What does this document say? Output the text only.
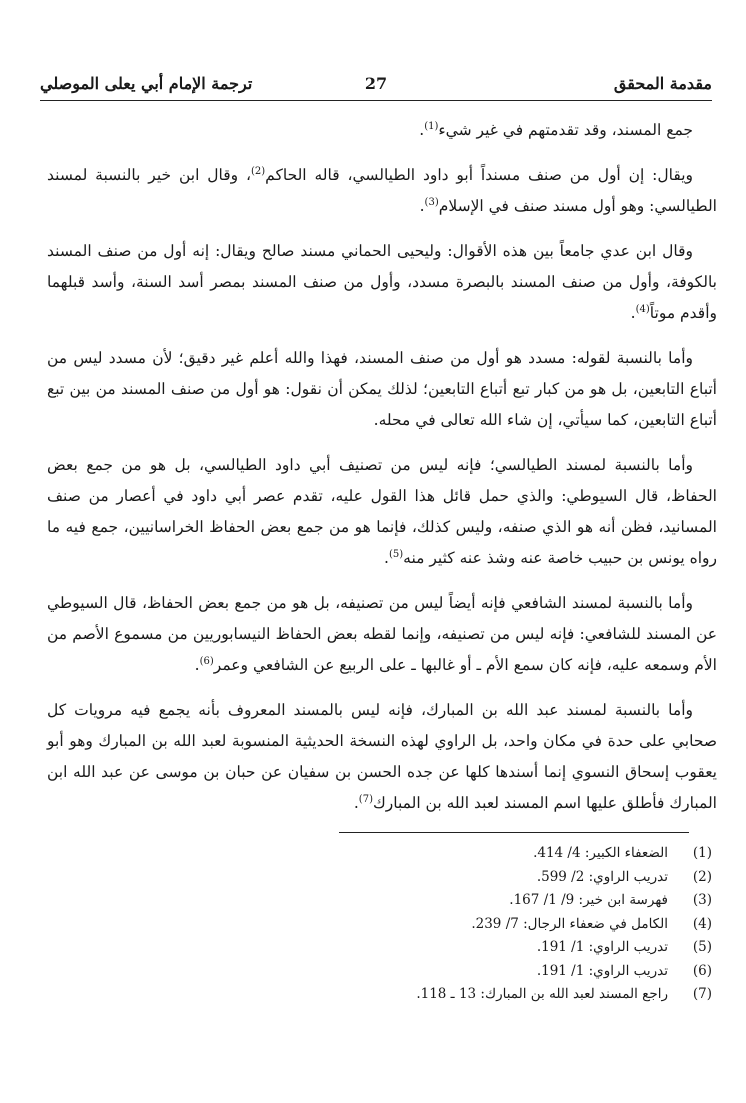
مقدمة المحقق
27
ترجمة الإمام أبي يعلى الموصلي

جمع المسند، وقد تقدمتهم في غير شيء$^{(1)}$.

ويقال: إن أول من صنف مسنداً أبو داود الطيالسي، قاله الحاكم$^{(2)}$، وقال ابن خير بالنسبة لمسند الطيالسي: وهو أول مسند صنف في الإسلام$^{(3)}$.

وقال ابن عدي جامعاً بين هذه الأقوال: وليحيى الحماني مسند صالح ويقال: إنه أول من صنف المسند بالكوفة، وأول من صنف المسند بالبصرة مسدد، وأول من صنف المسند بمصر أسد السنة، وأسد قبلهما وأقدم موتاً$^{(4)}$.

وأما بالنسبة لقوله: مسدد هو أول من صنف المسند، فهذا والله أعلم غير دقيق؛ لأن مسدد ليس من أتباع التابعين، بل هو من كبار تبع أتباع التابعين؛ لذلك يمكن أن نقول: هو أول من صنف المسند من بين تبع أتباع التابعين، كما سيأتي، إن شاء الله تعالى في محله.

وأما بالنسبة لمسند الطيالسي؛ فإنه ليس من تصنيف أبي داود الطيالسي، بل هو من جمع بعض الحفاظ، قال السيوطي: والذي حمل قائل هذا القول عليه، تقدم عصر أبي داود في أعصار من صنف المسانيد، فظن أنه هو الذي صنفه، وليس كذلك، فإنما هو من جمع بعض الحفاظ الخراسانيين، جمع فيه ما رواه يونس بن حبيب خاصة عنه وشذ عنه كثير منه$^{(5)}$.

وأما بالنسبة لمسند الشافعي فإنه أيضاً ليس من تصنيفه، بل هو من جمع بعض الحفاظ، قال السيوطي عن المسند للشافعي: فإنه ليس من تصنيفه، وإنما لقطه بعض الحفاظ النيسابوريين من مسموع الأصم من الأم وسمعه عليه، فإنه كان سمع الأم ـ أو غالبها ـ على الربيع عن الشافعي وعمر$^{(6)}$.

وأما بالنسبة لمسند عبد الله بن المبارك، فإنه ليس بالمسند المعروف بأنه يجمع فيه مرويات كل صحابي على حدة في مكان واحد، بل الراوي لهذه النسخة الحديثية المنسوبة لعبد الله بن المبارك وهو أبو يعقوب إسحاق النسوي إنما أسندها كلها عن جده الحسن بن سفيان عن حبان بن موسى عن عبد الله ابن المبارك فأطلق عليها اسم المسند لعبد الله بن المبارك$^{(7)}$.

(1)
الضعفاء الكبير: 4/ 414.
(2)
تدريب الراوي: 2/ 599.
(3)
فهرسة ابن خير: 9/ 1/ 167.
(4)
الكامل في ضعفاء الرجال: 7/ 239.
(5)
تدريب الراوي: 1/ 191.
(6)
تدريب الراوي: 1/ 191.
(7)
راجع المسند لعبد الله بن المبارك: 13 ـ 118.
